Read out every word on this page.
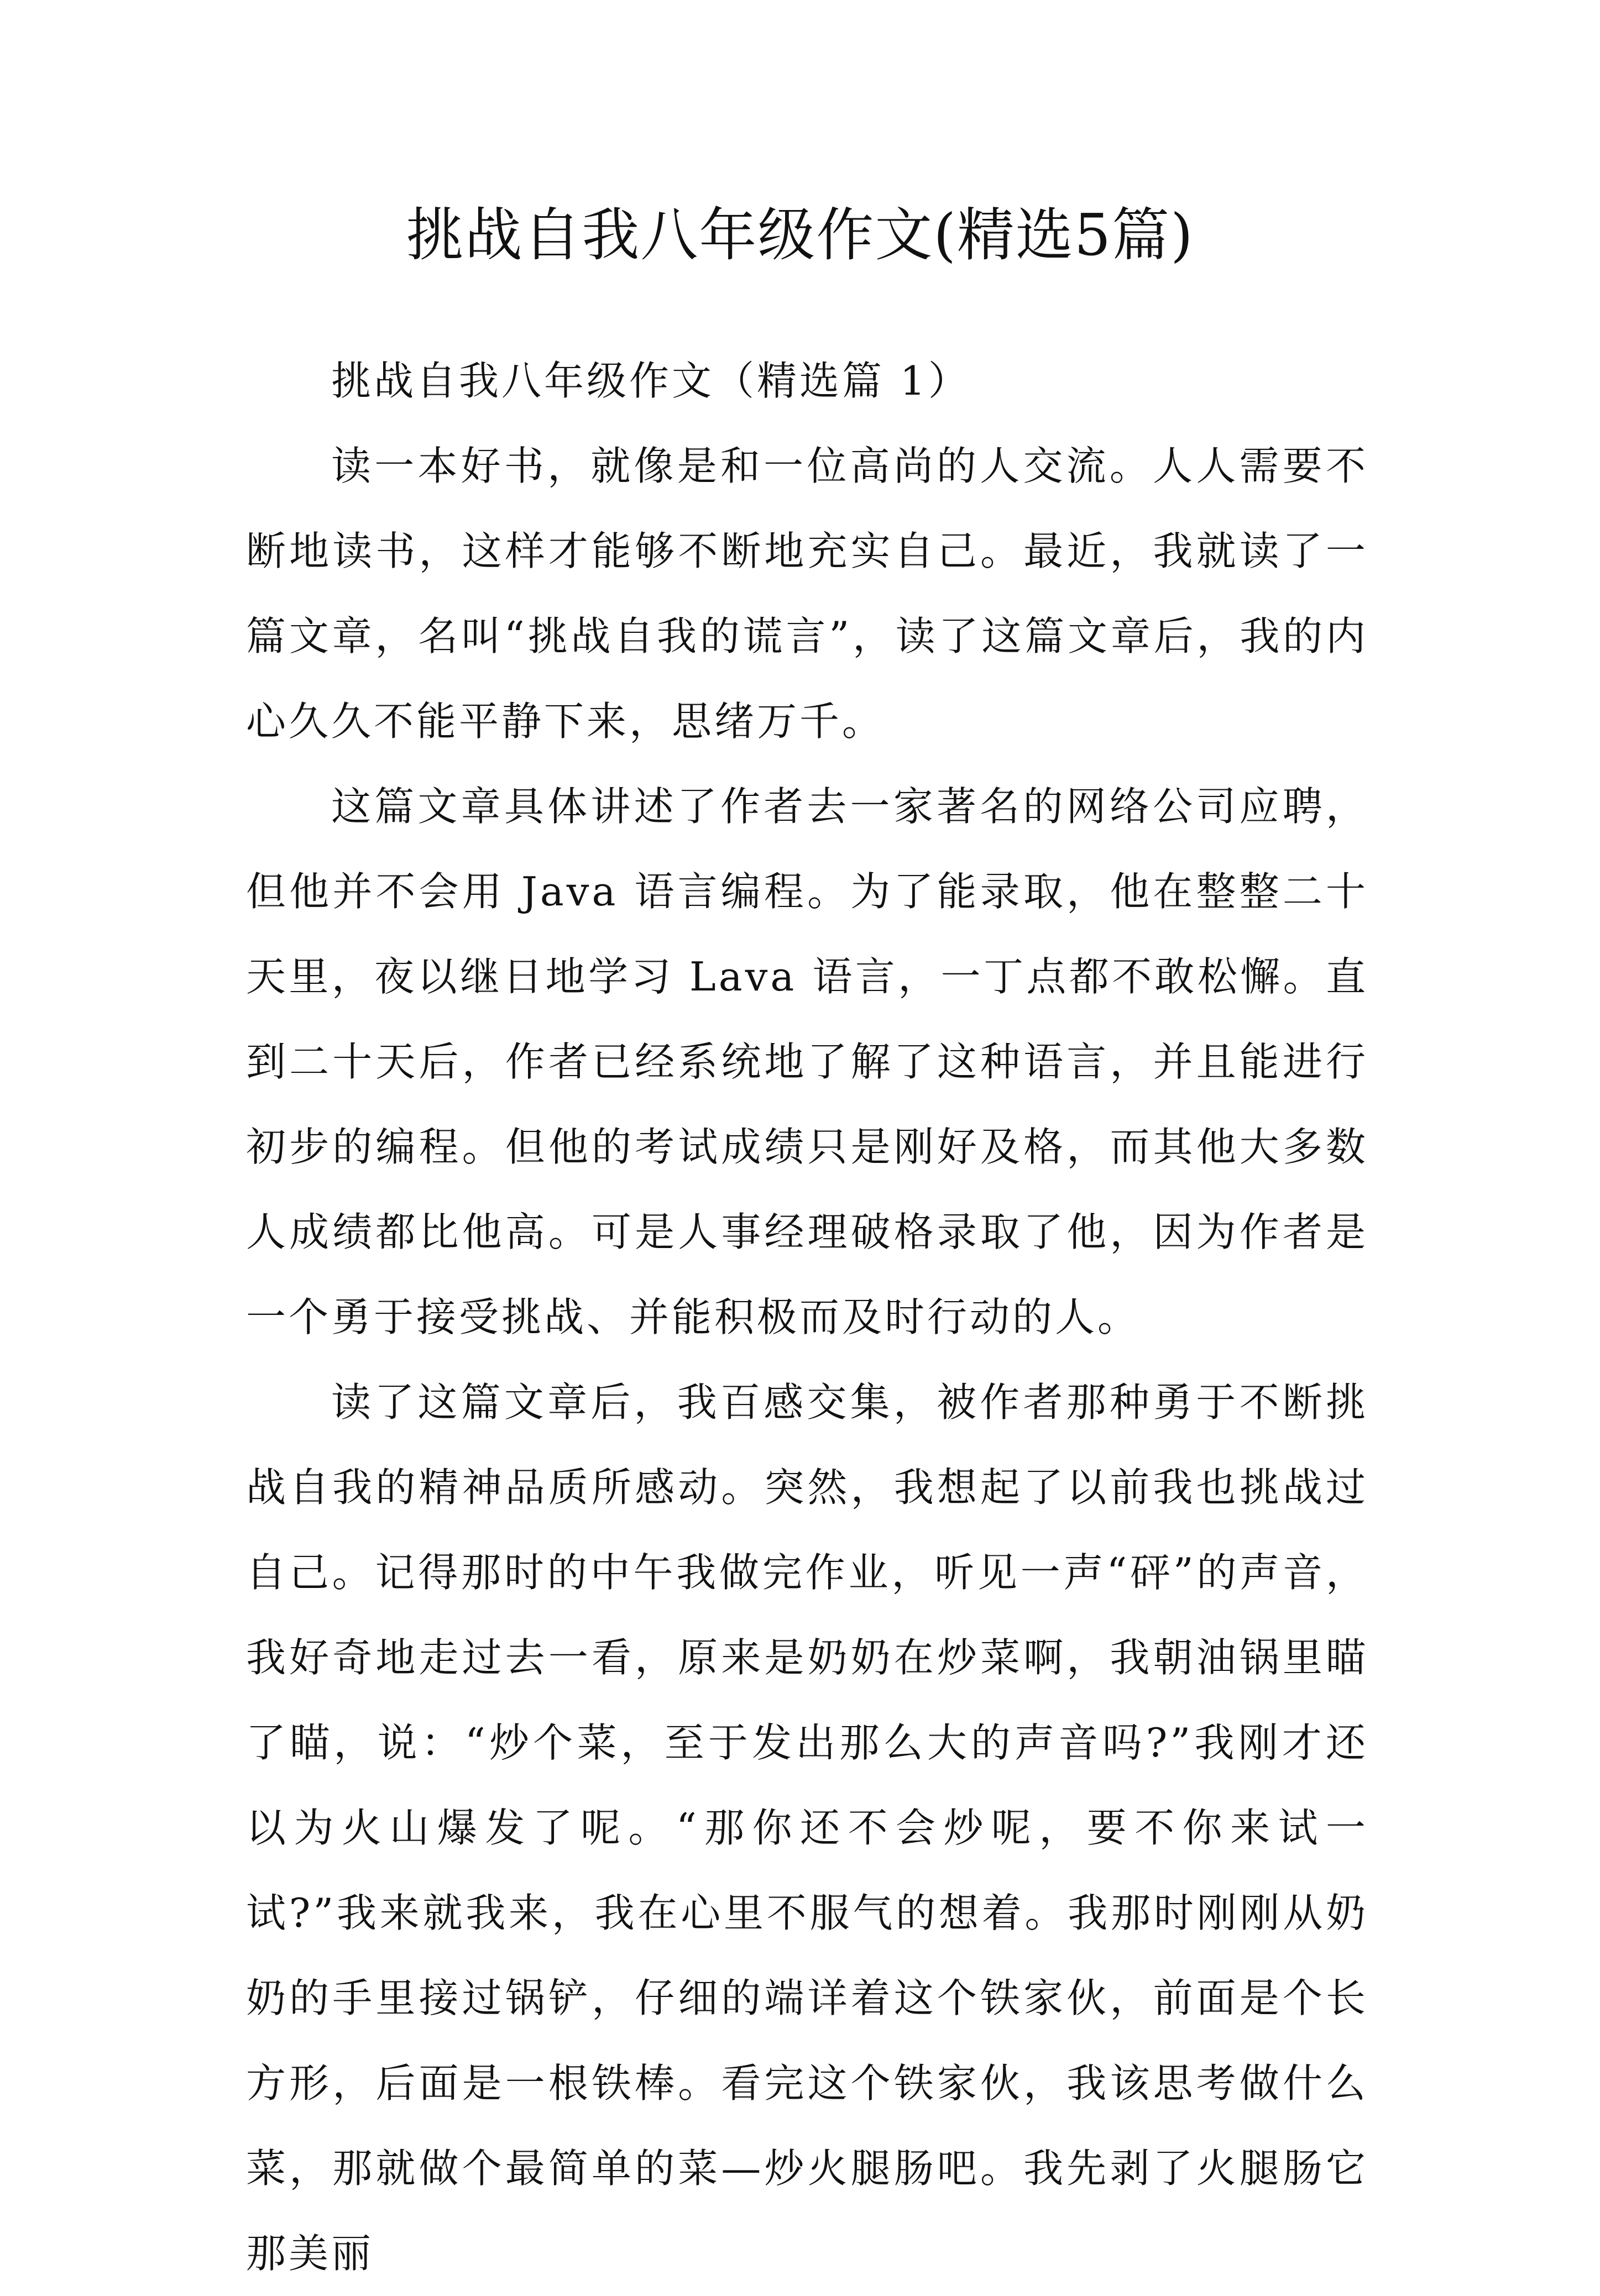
挑战自我八年级作文(精选5篇)

挑战自我八年级作文（精选篇 1）

读一本好书，就像是和一位高尚的人交流。人人需要不断地读书，这样才能够不断地充实自己。最近，我就读了一篇文章，名叫“挑战自我的谎言”，读了这篇文章后，我的内心久久不能平静下来，思绪万千。

这篇文章具体讲述了作者去一家著名的网络公司应聘，但他并不会用 Java 语言编程。为了能录取，他在整整二十天里，夜以继日地学习 Lava 语言，一丁点都不敢松懈。直到二十天后，作者已经系统地了解了这种语言，并且能进行初步的编程。但他的考试成绩只是刚好及格，而其他大多数人成绩都比他高。可是人事经理破格录取了他，因为作者是一个勇于接受挑战、并能积极而及时行动的人。

读了这篇文章后，我百感交集，被作者那种勇于不断挑战自我的精神品质所感动。突然，我想起了以前我也挑战过自己。记得那时的中午我做完作业，听见一声“砰”的声音，我好奇地走过去一看，原来是奶奶在炒菜啊，我朝油锅里瞄了瞄，说：“炒个菜，至于发出那么大的声音吗?”我刚才还以为火山爆发了呢。“那你还不会炒呢，要不你来试一试?”我来就我来，我在心里不服气的想着。我那时刚刚从奶奶的手里接过锅铲，仔细的端详着这个铁家伙，前面是个长方形，后面是一根铁棒。看完这个铁家伙，我该思考做什么菜，那就做个最简单的菜—炒火腿肠吧。我先剥了火腿肠它那美丽
